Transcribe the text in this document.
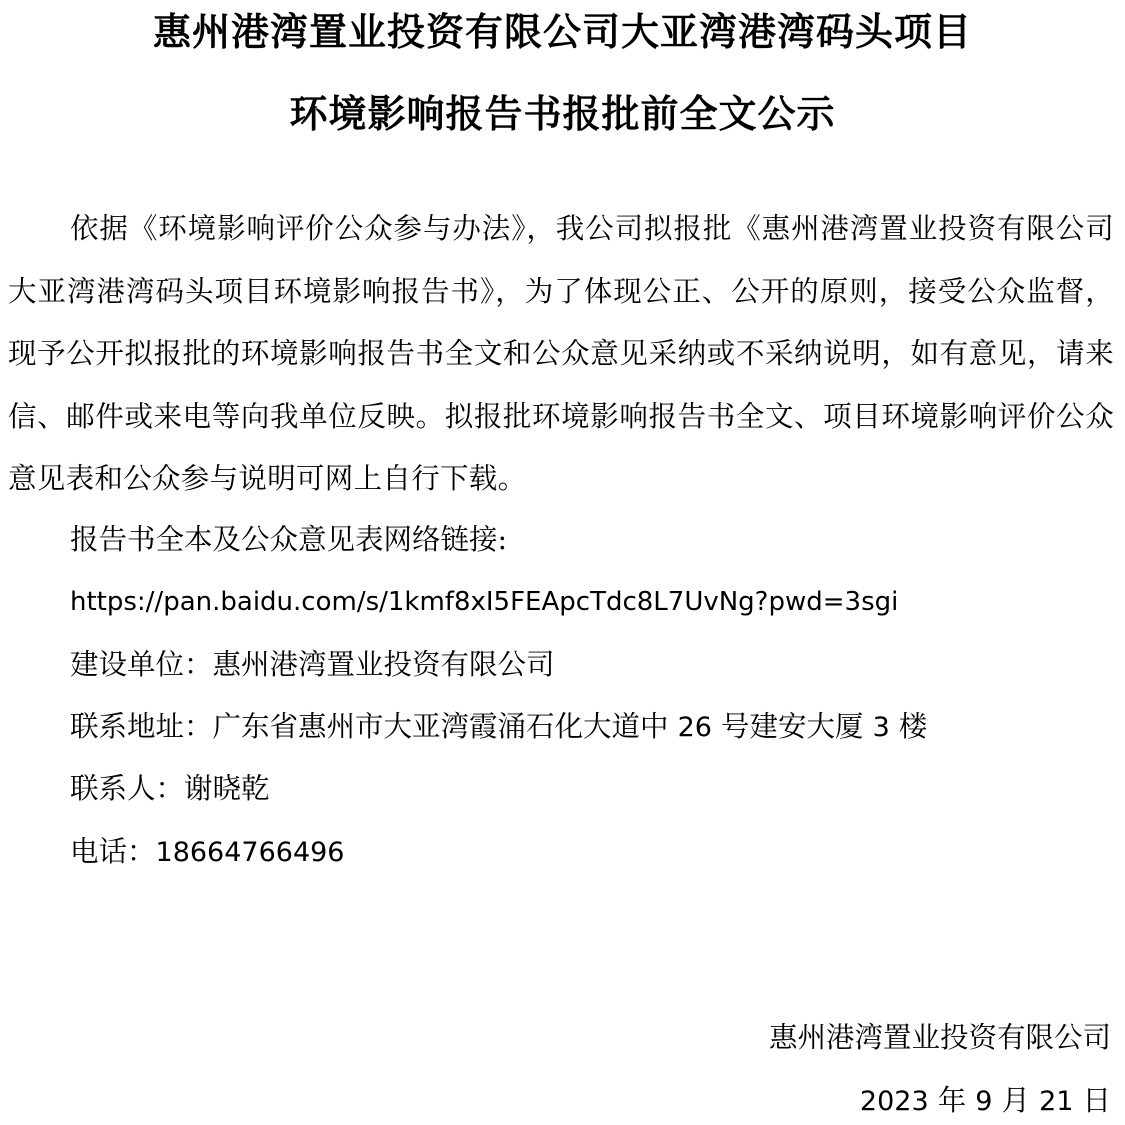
惠州港湾置业投资有限公司大亚湾港湾码头项目
环境影响报告书报批前全文公示
依据《环境影响评价公众参与办法》，我公司拟报批《惠州港湾置业投资有限公司大亚湾港湾码头项目环境影响报告书》，为了体现公正、公开的原则，接受公众监督，现予公开拟报批的环境影响报告书全文和公众意见采纳或不采纳说明，如有意见，请来信、邮件或来电等向我单位反映。拟报批环境影响报告书全文、项目环境影响评价公众意见表和公众参与说明可网上自行下载。
报告书全本及公众意见表网络链接:
https://pan.baidu.com/s/1kmf8xI5FEApcTdc8L7UvNg?pwd=3sgi
建设单位：惠州港湾置业投资有限公司
联系地址：广东省惠州市大亚湾霞涌石化大道中 26 号建安大厦 3 楼
联系人：谢晓乾
电话：18664766496
惠州港湾置业投资有限公司
2023 年 9 月 21 日
